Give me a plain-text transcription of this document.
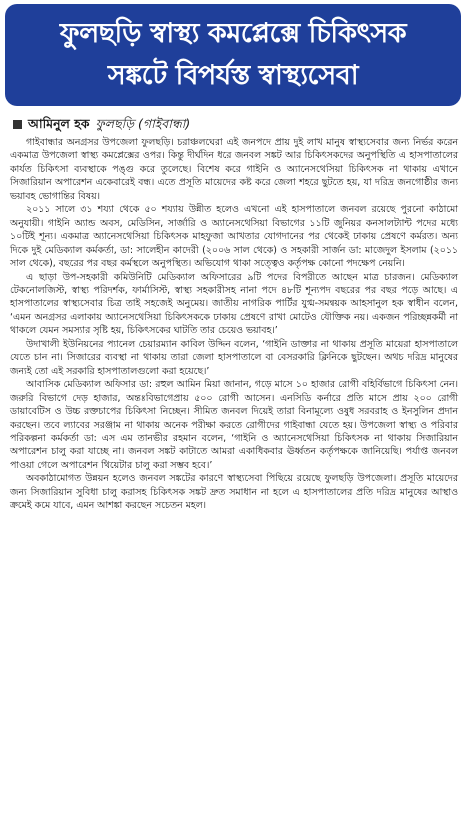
ফুলছড়ি স্বাস্থ্য কমপ্লেক্সে চিকিৎসক
সঙ্কটে বিপর্যস্ত স্বাস্থ্যসেবা
আমিনুল হক ফুলছড়ি (গাইবান্ধা)

গাইবান্ধার অনগ্রসর উপজেলা ফুলছড়ি। চরাঞ্চলঘেরা এই জনপদে প্রায় দুই লাখ মানুষ স্বাস্থ্যসেবার জন্য নির্ভর করেন একমাত্র উপজেলা স্বাস্থ্য কমপ্লেক্সের ওপর। কিন্তু দীর্ঘদিন ধরে জনবল সঙ্কট আর চিকিৎসকদের অনুপস্থিতি এ হাসপাতালের কার্যত চিকিৎসা ব্যবস্থাকে পঙ্গু করে তুলেছে। বিশেষ করে গাইনি ও অ্যানেসথেসিয়া চিকিৎসক না থাকায় এখানে সিজারিয়ান অপারেশন একেবারেই বন্ধ। এতে প্রসূতি মায়েদের কষ্ট করে জেলা শহরে ছুটতে হয়, যা দরিদ্র জনগোষ্ঠীর জন্য ভয়াবহ ভোগান্তির বিষয়।

২০১১ সালে ৩১ শয্যা থেকে ৫০ শয্যায় উন্নীত হলেও এখনো এই হাসপাতালে জনবল রয়েছে পুরনো কাঠামো অনুযায়ী। গাইনি অ্যান্ড অবস, মেডিসিন, সার্জারি ও অ্যানেসথেসিয়া বিভাগের ১১টি জুনিয়র কনসালট্যান্ট পদের মধ্যে ১০টিই শূন্য। একমাত্র অ্যানেসথেসিয়া চিকিৎসক মাহফুজা আখতার যোগদানের পর থেকেই ঢাকায় প্রেষণে কর্মরত। অন্য দিকে দুই মেডিক্যাল কর্মকর্তা, ডা: সালেহীন কাদেরী (২০০৬ সাল থেকে) ও সহকারী সার্জন ডা: মাজেদুল ইসলাম (২০১১ সাল থেকে), বছরের পর বছর কর্মস্থলে অনুপস্থিত। অভিযোগ থাকা সত্ত্বেও কর্তৃপক্ষ কোনো পদক্ষেপ নেয়নি।

এ ছাড়া উপ-সহকারী কমিউনিটি মেডিক্যাল অফিসারের ৯টি পদের বিপরীতে আছেন মাত্র চারজন। মেডিক্যাল টেকনোলজিস্ট, স্বাস্থ্য পরিদর্শক, ফার্মাসিস্ট, স্বাস্থ্য সহকারীসহ নানা পদে ৪৮টি শূন্যপদ বছরের পর বছর পড়ে আছে। এ হাসপাতালের স্বাস্থ্যসেবার চিত্র তাই সহজেই অনুমেয়। জাতীয় নাগরিক পার্টির যুগ্ম-সমন্বয়ক আহসানুল হক স্বাধীন বলেন, ‘এমন অনগ্রসর এলাকায় অ্যানেসথেসিয়া চিকিৎসককে ঢাকায় প্রেষণে রাখা মোটেও যৌক্তিক নয়। একজন পরিচ্ছন্নকর্মী না থাকলে যেমন সমস্যার সৃষ্টি হয়, চিকিৎসকের ঘাটতি তার চেয়েও ভয়াবহ।’

উদাখালী ইউনিয়নের প্যানেল চেয়ারম্যান কাবিল উদ্দিন বলেন, ‘গাইনি ডাক্তার না থাকায় প্রসূতি মায়েরা হাসপাতালে যেতে চান না। সিজারের ব্যবস্থা না থাকায় তারা জেলা হাসপাতালে বা বেসরকারি ক্লিনিকে ছুটছেন। অথচ দরিদ্র মানুষের জন্যই তো এই সরকারি হাসপাতালগুলো করা হয়েছে।’

আবাসিক মেডিক্যাল অফিসার ডা: রহুল আমিন মিয়া জানান, গড়ে মাসে ১০ হাজার রোগী বহির্বিভাগে চিকিৎসা নেন। জরুরি বিভাগে দেড় হাজার, অন্তঃবিভাগেপ্রায় ৫০০ রোগী আসেন। এনসিডি কর্নারে প্রতি মাসে প্রায় ২০০ রোগী ডায়াবেটিস ও উচ্চ রক্তচাপের চিকিৎসা নিচ্ছেন। সীমিত জনবল দিয়েই তারা বিনামূল্যে ওষুধ সরবরাহ ও ইনসুলিন প্রদান করছেন। তবে ল্যাবের সরঞ্জাম না থাকায় অনেক পরীক্ষা করতে রোগীদের গাইবান্ধা যেতে হয়। উপজেলা স্বাস্থ্য ও পরিবার পরিকল্পনা কর্মকর্তা ডা: এস এম তানভীর রহমান বলেন, ‘গাইনি ও অ্যানেসথেসিয়া চিকিৎসক না থাকায় সিজারিয়ান অপারেশন চালু করা যাচ্ছে না। জনবল সঙ্কট কাটাতে আমরা একাধিকবার ঊর্ধ্বতন কর্তৃপক্ষকে জানিয়েছি। পর্যাপ্ত জনবল পাওয়া গেলে অপারেশন থিয়েটার চালু করা সম্ভব হবে।’

অবকাঠামোগত উন্নয়ন হলেও জনবল সঙ্কটের কারণে স্বাস্থ্যসেবা পিছিয়ে রয়েছে ফুলছড়ি উপজেলা। প্রসূতি মায়েদের জন্য সিজারিয়ান সুবিধা চালু করাসহ চিকিৎসক সঙ্কট দ্রুত সমাধান না হলে এ হাসপাতালের প্রতি দরিদ্র মানুষের আস্থাও ক্রমেই কমে যাবে, এমন আশঙ্কা করছেন সচেতন মহল।
